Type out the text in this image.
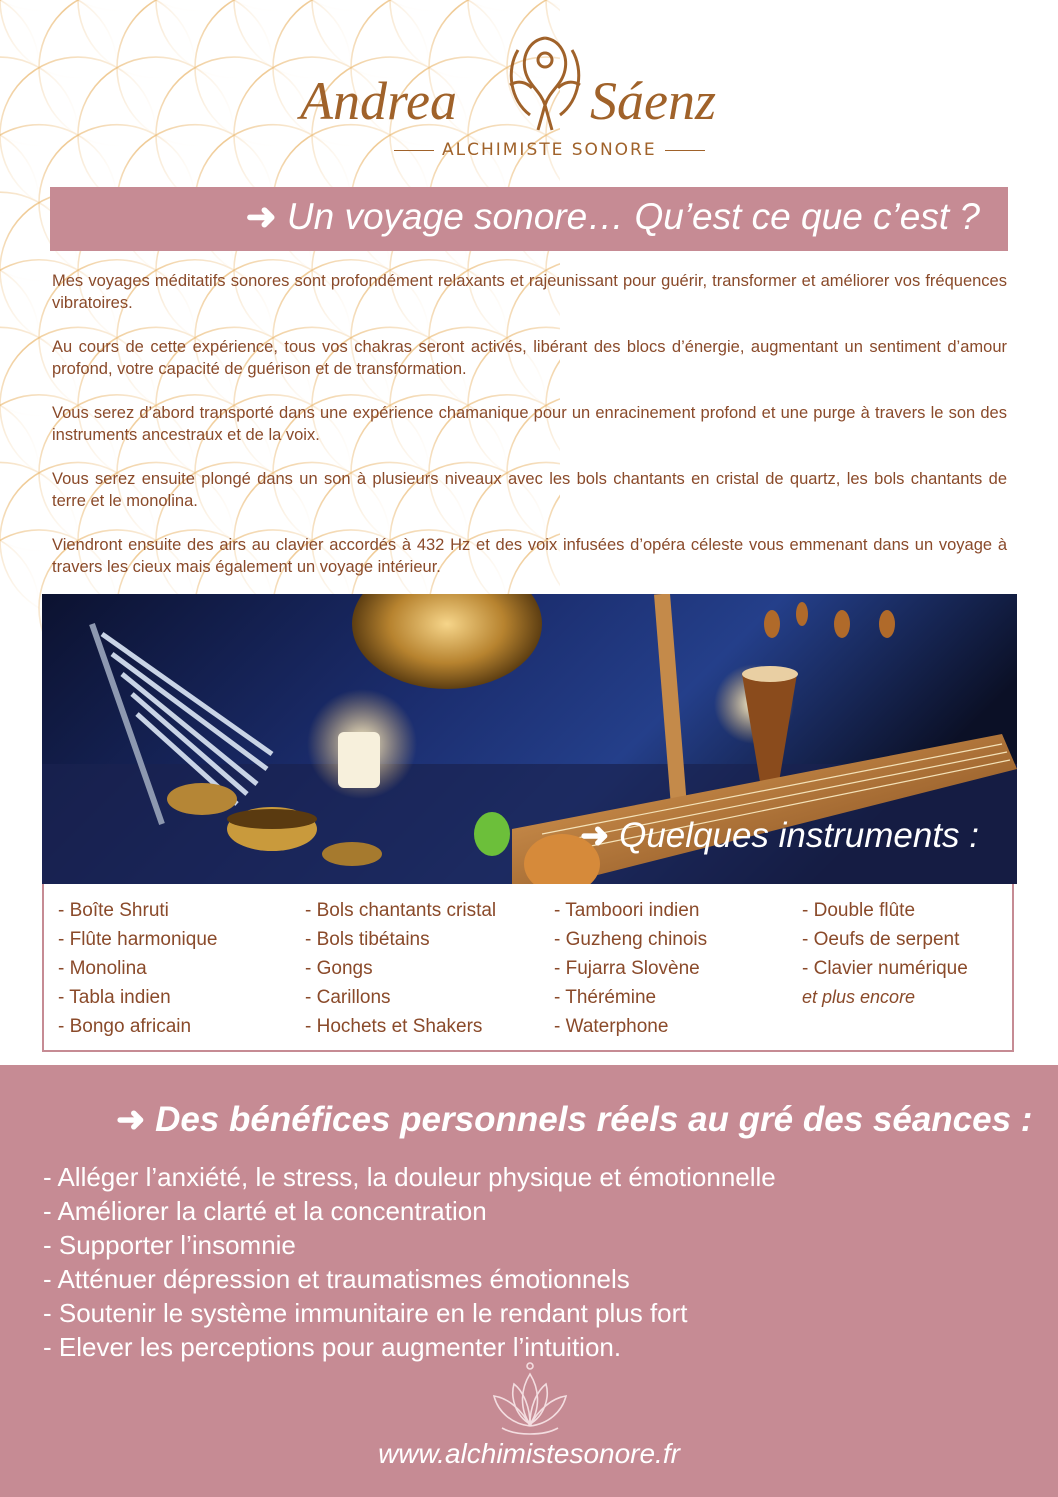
Andrea Sáenz
ALCHIMISTE SONORE
➜ Un voyage sonore… Qu’est ce que c’est ?

Mes voyages méditatifs sonores sont profondément relaxants et rajeunissant pour guérir, transformer et améliorer vos fréquences vibratoires.

Au cours de cette expérience, tous vos chakras seront activés, libérant des blocs d’énergie, augmentant un sentiment d’amour profond, votre capacité de guérison et de transformation.

Vous serez d’abord transporté dans une expérience chamanique pour un enracinement profond et une purge à travers le son des instruments ancestraux et de la voix.

Vous serez ensuite plongé dans un son à plusieurs niveaux avec les bols chantants en cristal de quartz, les bols chantants de terre et le monolina.

Viendront ensuite des airs au clavier accordés à 432 Hz et des voix infusées d’opéra céleste vous emmenant dans un voyage à travers les cieux mais également un voyage intérieur.

➜ Quelques instruments :
- Boîte Shruti
- Flûte harmonique
- Monolina
- Tabla indien
- Bongo africain
- Bols chantants cristal
- Bols tibétains
- Gongs
- Carillons
- Hochets et Shakers
- Tamboori indien
- Guzheng chinois
- Fujarra Slovène
- Thérémine
- Waterphone
- Double flûte
- Oeufs de serpent
- Clavier numérique
et plus encore
➜ Des bénéfices personnels réels au gré des séances :
- Alléger l’anxiété, le stress, la douleur physique et émotionnelle
- Améliorer la clarté et la concentration
- Supporter l’insomnie
- Atténuer dépression et traumatismes émotionnels
- Soutenir le système immunitaire en le rendant plus fort
- Elever les perceptions pour augmenter l’intuition.
www.alchimistesonore.fr
